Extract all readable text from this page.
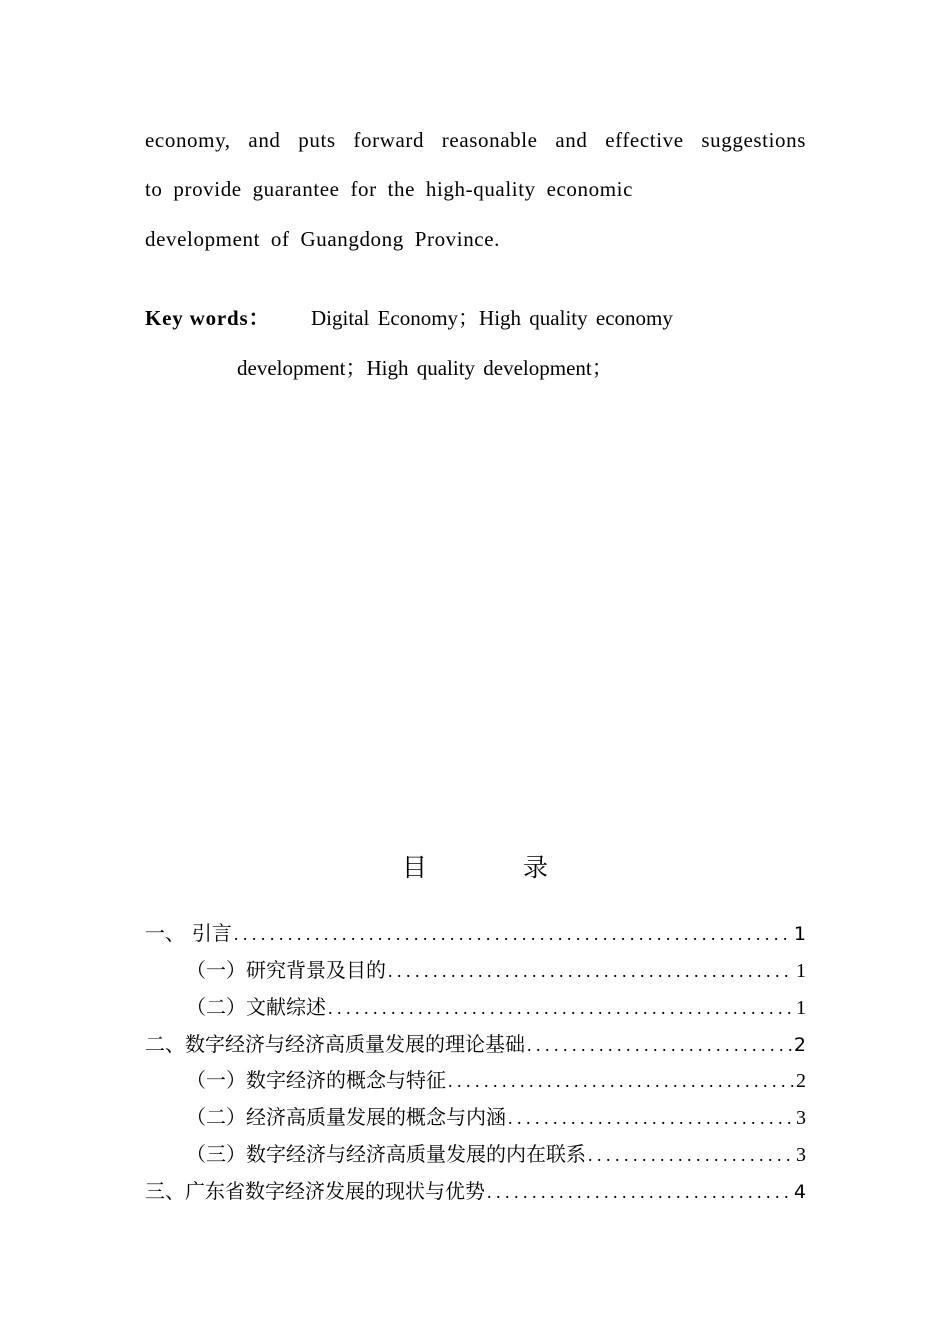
economy, and puts forward reasonable and effective suggestions
to provide guarantee for the high-quality economic
development of Guangdong Province.
Key words： Digital Economy；High quality economy
development；High quality development；
目录
一、 引言 . . .	1
（一） 研究背景及目的 . . .	1
（二） 文献综述 . . .	1
二、 数字经济与经济高质量发展的理论基础 . . .	2
（一） 数字经济的概念与特征 . . .	2
（二） 经济高质量发展的概念与内涵 . . .	3
（三） 数字经济与经济高质量发展的内在联系 . . .	3
三、 广东省数字经济发展的现状与优势 . . .	4
